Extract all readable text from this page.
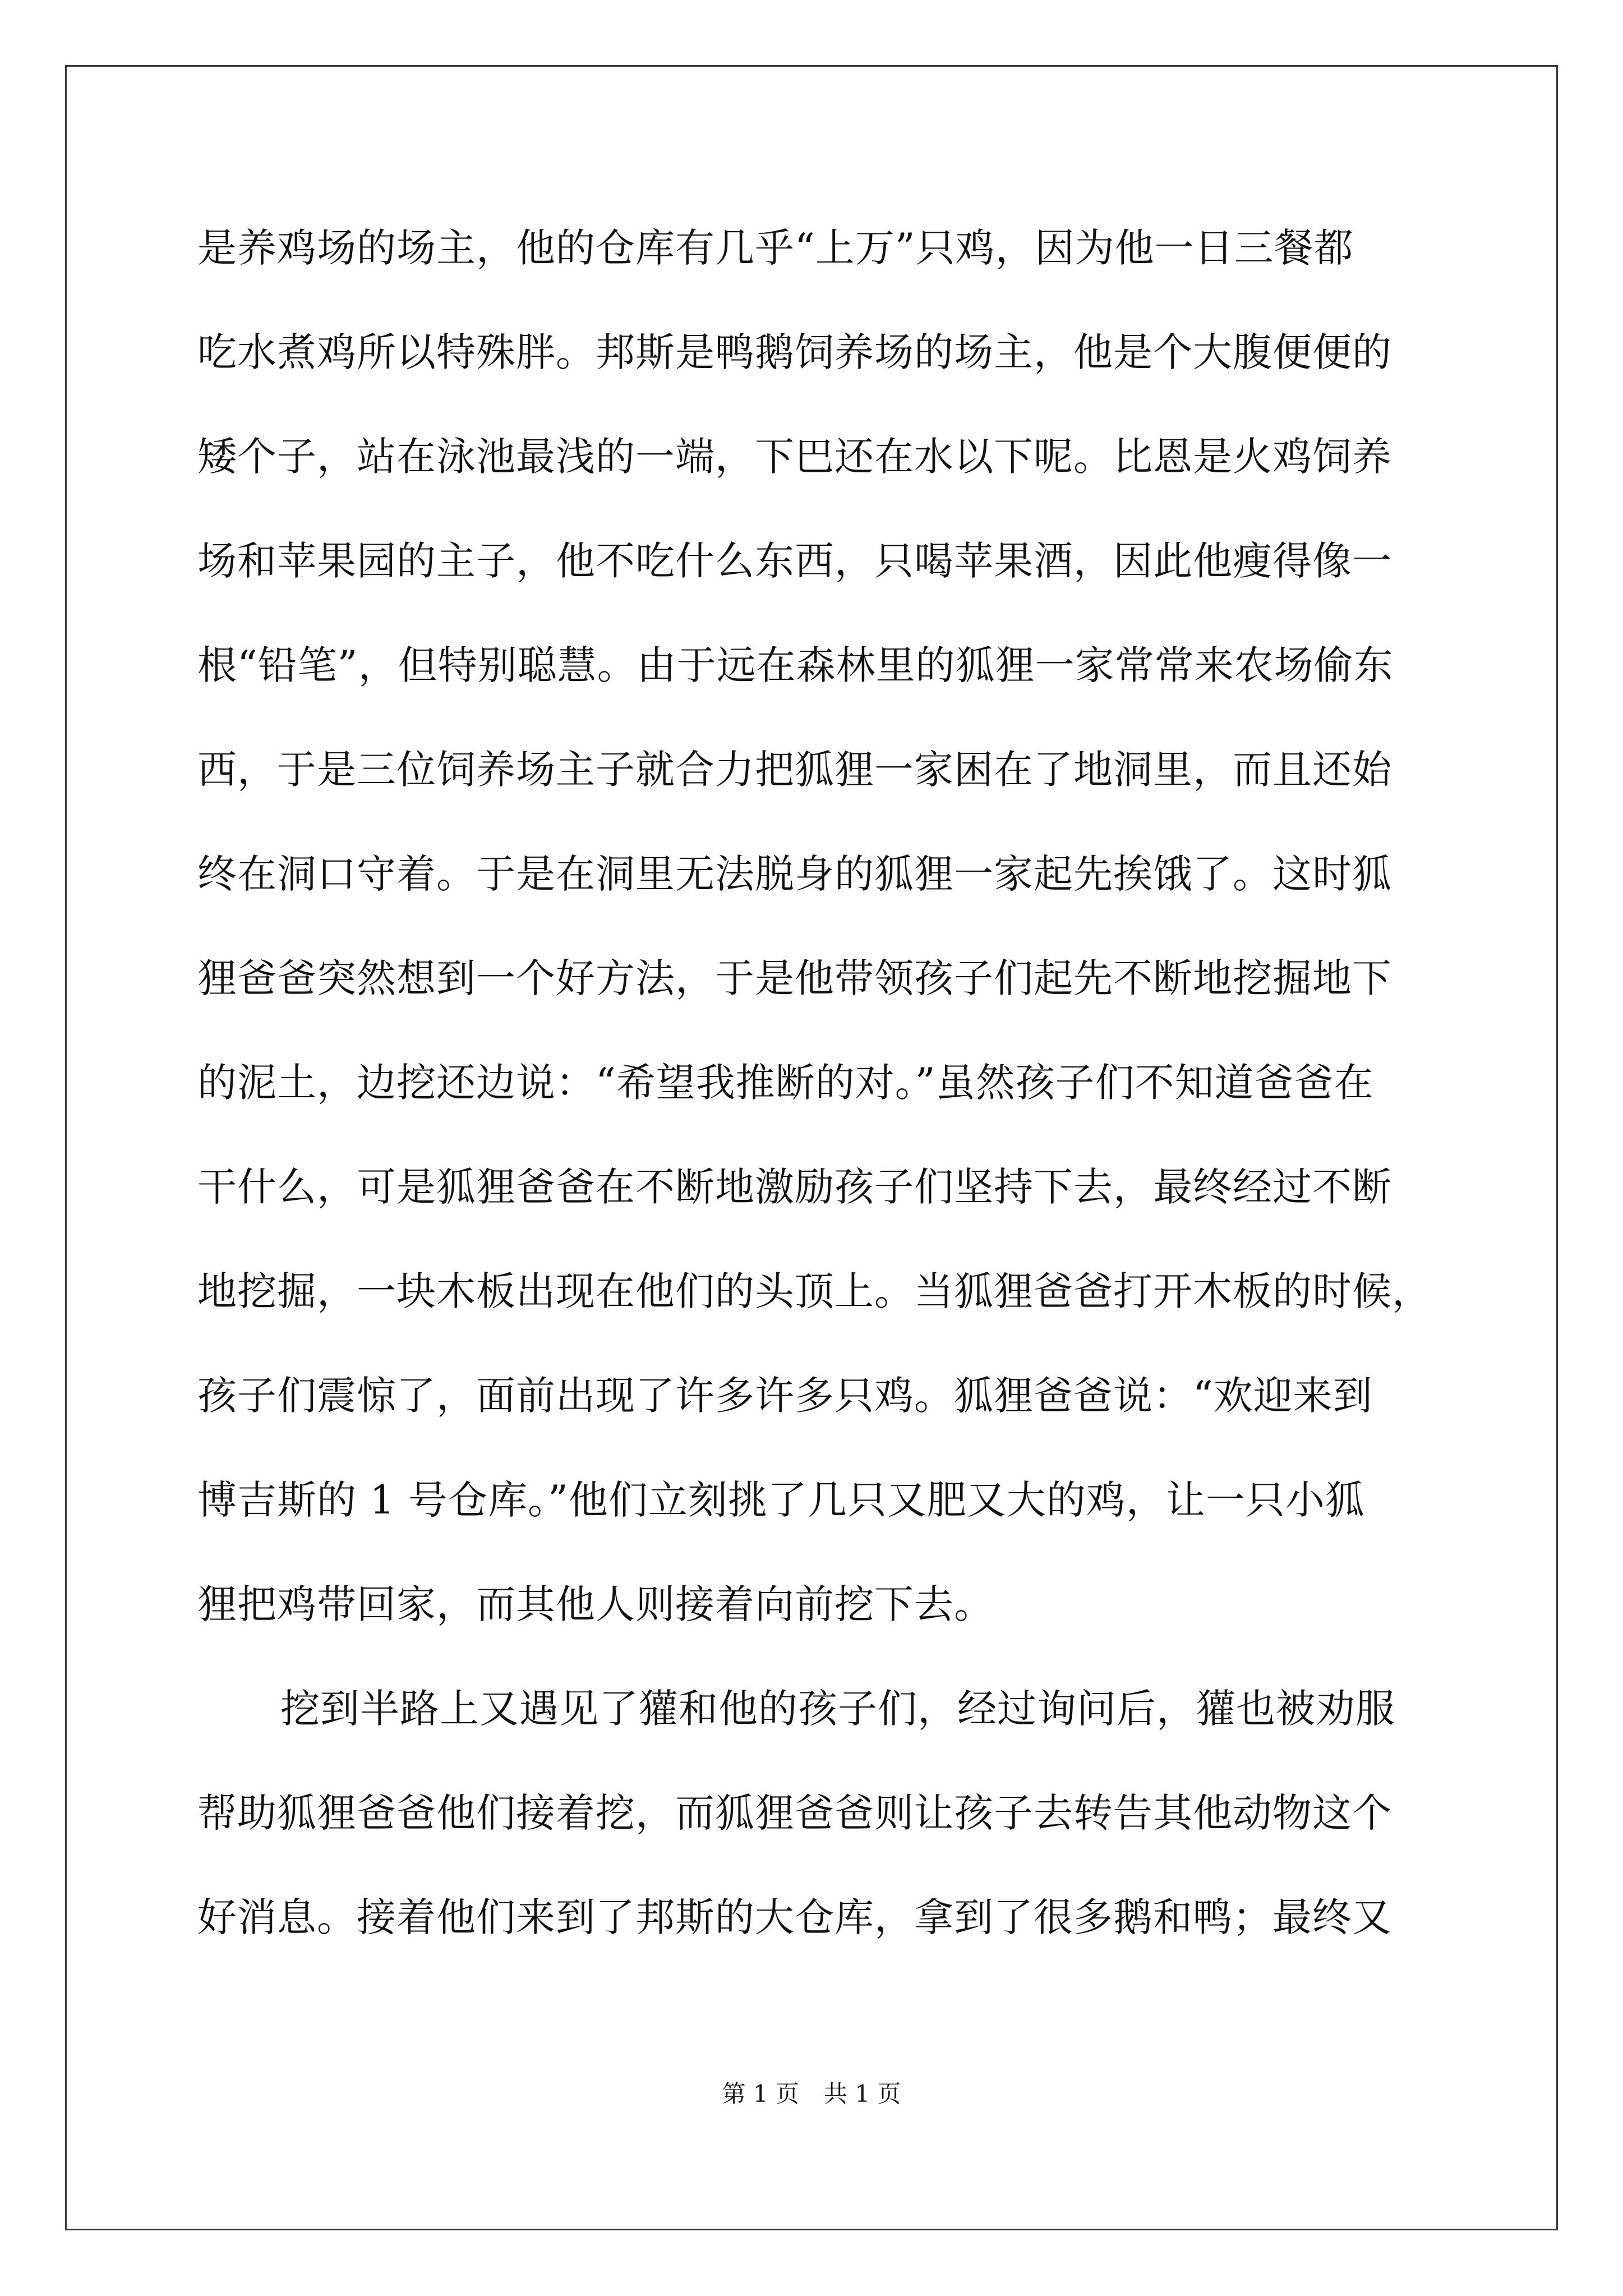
是养鸡场的场主，他的仓库有几乎“上万”只鸡，因为他一日三餐都
吃水煮鸡所以特殊胖。邦斯是鸭鹅饲养场的场主，他是个大腹便便的
矮个子，站在泳池最浅的一端，下巴还在水以下呢。比恩是火鸡饲养
场和苹果园的主子，他不吃什么东西，只喝苹果酒，因此他瘦得像一
根“铅笔”，但特别聪慧。由于远在森林里的狐狸一家常常来农场偷东
西，于是三位饲养场主子就合力把狐狸一家困在了地洞里，而且还始
终在洞口守着。于是在洞里无法脱身的狐狸一家起先挨饿了。这时狐
狸爸爸突然想到一个好方法，于是他带领孩子们起先不断地挖掘地下
的泥土，边挖还边说：“希望我推断的对。”虽然孩子们不知道爸爸在
干什么，可是狐狸爸爸在不断地激励孩子们坚持下去，最终经过不断
地挖掘，一块木板出现在他们的头顶上。当狐狸爸爸打开木板的时候，
孩子们震惊了，面前出现了许多许多只鸡。狐狸爸爸说：“欢迎来到
博吉斯的 1 号仓库。”他们立刻挑了几只又肥又大的鸡，让一只小狐
狸把鸡带回家，而其他人则接着向前挖下去。
挖到半路上又遇见了獾和他的孩子们，经过询问后，獾也被劝服
帮助狐狸爸爸他们接着挖，而狐狸爸爸则让孩子去转告其他动物这个
好消息。接着他们来到了邦斯的大仓库，拿到了很多鹅和鸭；最终又
第 1 页 共 1 页
